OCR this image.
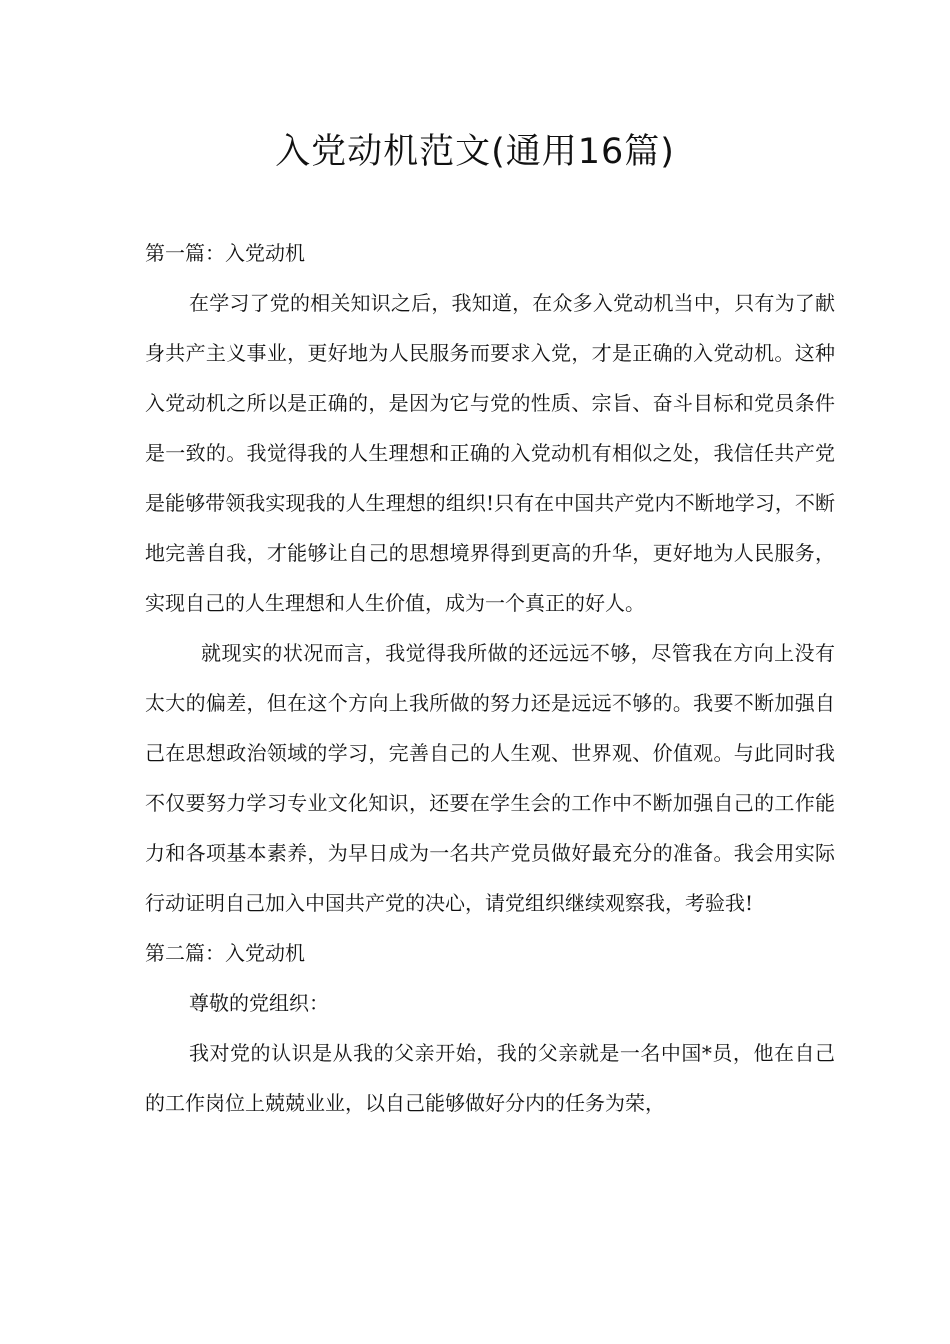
入党动机范文(通用16篇)
第一篇：入党动机

在学习了党的相关知识之后，我知道，在众多入党动机当中，只有为了献身共产主义事业，更好地为人民服务而要求入党，才是正确的入党动机。这种入党动机之所以是正确的，是因为它与党的性质、宗旨、奋斗目标和党员条件是一致的。我觉得我的人生理想和正确的入党动机有相似之处，我信任共产党是能够带领我实现我的人生理想的组织!只有在中国共产党内不断地学习，不断地完善自我，才能够让自己的思想境界得到更高的升华，更好地为人民服务，实现自己的人生理想和人生价值，成为一个真正的好人。

就现实的状况而言，我觉得我所做的还远远不够，尽管我在方向上没有太大的偏差，但在这个方向上我所做的努力还是远远不够的。我要不断加强自己在思想政治领域的学习，完善自己的人生观、世界观、价值观。与此同时我不仅要努力学习专业文化知识，还要在学生会的工作中不断加强自己的工作能力和各项基本素养，为早日成为一名共产党员做好最充分的准备。我会用实际行动证明自己加入中国共产党的决心，请党组织继续观察我，考验我!

第二篇：入党动机

尊敬的党组织：

我对党的认识是从我的父亲开始，我的父亲就是一名中国*员，他在自己的工作岗位上兢兢业业，以自己能够做好分内的任务为荣，
